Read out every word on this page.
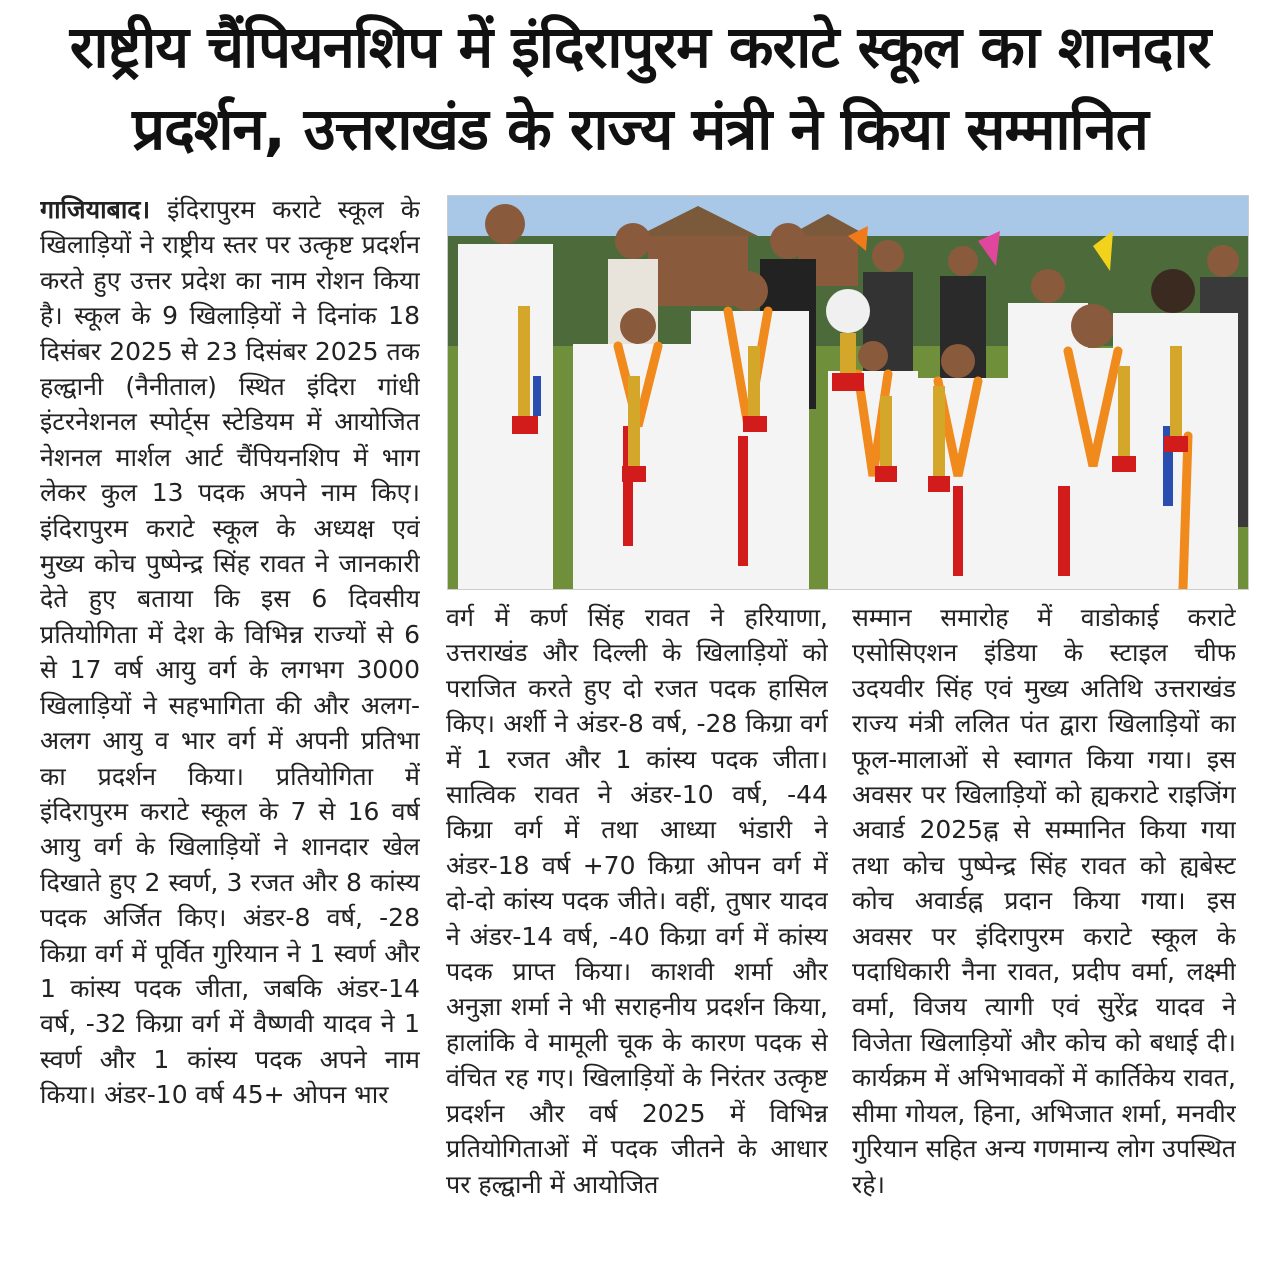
राष्ट्रीय चैंपियनशिप में इंदिरापुरम कराटे स्कूल का शानदार
प्रदर्शन, उत्तराखंड के राज्य मंत्री ने किया सम्मानित
गाजियाबाद। इंदिरापुरम कराटे स्कूल के खिलाड़ियों ने राष्ट्रीय स्तर पर उत्कृष्ट प्रदर्शन करते हुए उत्तर प्रदेश का नाम रोशन किया है। स्कूल के 9 खिलाड़ियों ने दिनांक 18 दिसंबर 2025 से 23 दिसंबर 2025 तक हल्द्वानी (नैनीताल) स्थित इंदिरा गांधी इंटरनेशनल स्पोर्ट्स स्टेडियम में आयोजित नेशनल मार्शल आर्ट चैंपियनशिप में भाग लेकर कुल 13 पदक अपने नाम किए। इंदिरापुरम कराटे स्कूल के अध्यक्ष एवं मुख्य कोच पुष्पेन्द्र सिंह रावत ने जानकारी देते हुए बताया कि इस 6 दिवसीय प्रतियोगिता में देश के विभिन्न राज्यों से 6 से 17 वर्ष आयु वर्ग के लगभग 3000 खिलाड़ियों ने सहभागिता की और अलग-अलग आयु व भार वर्ग में अपनी प्रतिभा का प्रदर्शन किया। प्रतियोगिता में इंदिरापुरम कराटे स्कूल के 7 से 16 वर्ष आयु वर्ग के खिलाड़ियों ने शानदार खेल दिखाते हुए 2 स्वर्ण, 3 रजत और 8 कांस्य पदक अर्जित किए। अंडर-8 वर्ष, -28 किग्रा वर्ग में पूर्वित गुरियान ने 1 स्वर्ण और 1 कांस्य पदक जीता, जबकि अंडर-14 वर्ष, -32 किग्रा वर्ग में वैष्णवी यादव ने 1 स्वर्ण और 1 कांस्य पदक अपने नाम किया। अंडर-10 वर्ष 45+ ओपन भार
वर्ग में कर्ण सिंह रावत ने हरियाणा, उत्तराखंड और दिल्ली के खिलाड़ियों को पराजित करते हुए दो रजत पदक हासिल किए। अर्शी ने अंडर-8 वर्ष, -28 किग्रा वर्ग में 1 रजत और 1 कांस्य पदक जीता। सात्विक रावत ने अंडर-10 वर्ष, -44 किग्रा वर्ग में तथा आध्या भंडारी ने अंडर-18 वर्ष +70 किग्रा ओपन वर्ग में दो-दो कांस्य पदक जीते। वहीं, तुषार यादव ने अंडर-14 वर्ष, -40 किग्रा वर्ग में कांस्य पदक प्राप्त किया। काशवी शर्मा और अनुज्ञा शर्मा ने भी सराहनीय प्रदर्शन किया, हालांकि वे मामूली चूक के कारण पदक से वंचित रह गए। खिलाड़ियों के निरंतर उत्कृष्ट प्रदर्शन और वर्ष 2025 में विभिन्न प्रतियोगिताओं में पदक जीतने के आधार पर हल्द्वानी में आयोजित
सम्मान समारोह में वाडोकाई कराटे एसोसिएशन इंडिया के स्टाइल चीफ उदयवीर सिंह एवं मुख्य अतिथि उत्तराखंड राज्य मंत्री ललित पंत द्वारा खिलाड़ियों का फूल-मालाओं से स्वागत किया गया। इस अवसर पर खिलाड़ियों को ह्यकराटे राइजिंग अवार्ड 2025ह्न से सम्मानित किया गया तथा कोच पुष्पेन्द्र सिंह रावत को ह्यबेस्ट कोच अवार्डह्न प्रदान किया गया। इस अवसर पर इंदिरापुरम कराटे स्कूल के पदाधिकारी नैना रावत, प्रदीप वर्मा, लक्ष्मी वर्मा, विजय त्यागी एवं सुरेंद्र यादव ने विजेता खिलाड़ियों और कोच को बधाई दी। कार्यक्रम में अभिभावकों में कार्तिकेय रावत, सीमा गोयल, हिना, अभिजात शर्मा, मनवीर गुरियान सहित अन्य गणमान्य लोग उपस्थित रहे।
